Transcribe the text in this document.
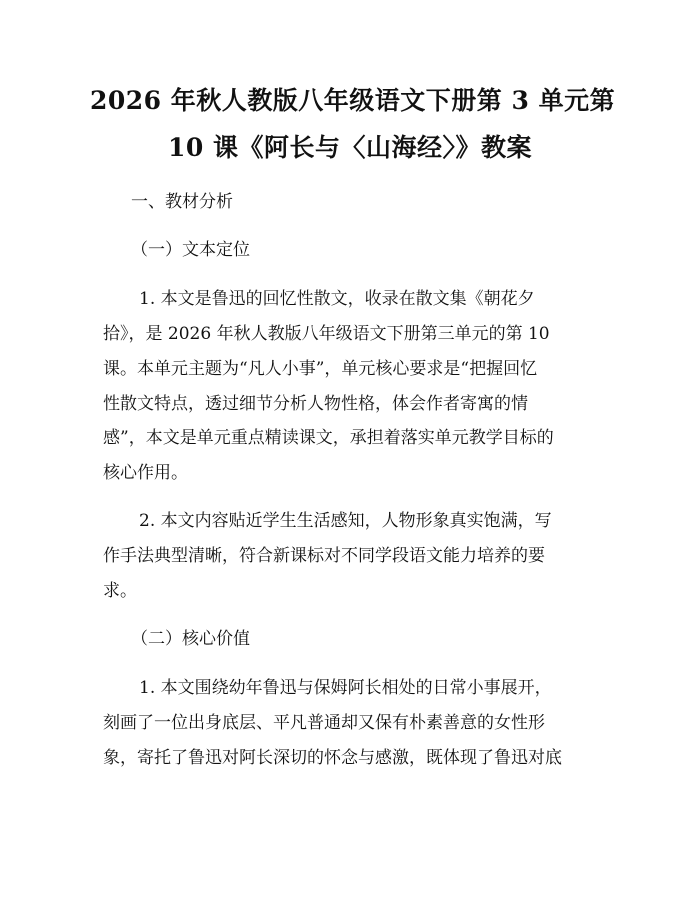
2026 年秋人教版八年级语文下册第 3 单元第
10 课《阿长与〈山海经〉》教案
一、教材分析
（一）文本定位
1. 本文是鲁迅的回忆性散文，收录在散文集《朝花夕
拾》，是 2026 年秋人教版八年级语文下册第三单元的第 10
课。本单元主题为“凡人小事”，单元核心要求是“把握回忆
性散文特点，透过细节分析人物性格，体会作者寄寓的情
感”，本文是单元重点精读课文，承担着落实单元教学目标的
核心作用。
2. 本文内容贴近学生生活感知，人物形象真实饱满，写
作手法典型清晰，符合新课标对不同学段语文能力培养的要
求。
（二）核心价值
1. 本文围绕幼年鲁迅与保姆阿长相处的日常小事展开，
刻画了一位出身底层、平凡普通却又保有朴素善意的女性形
象，寄托了鲁迅对阿长深切的怀念与感激，既体现了鲁迅对底
